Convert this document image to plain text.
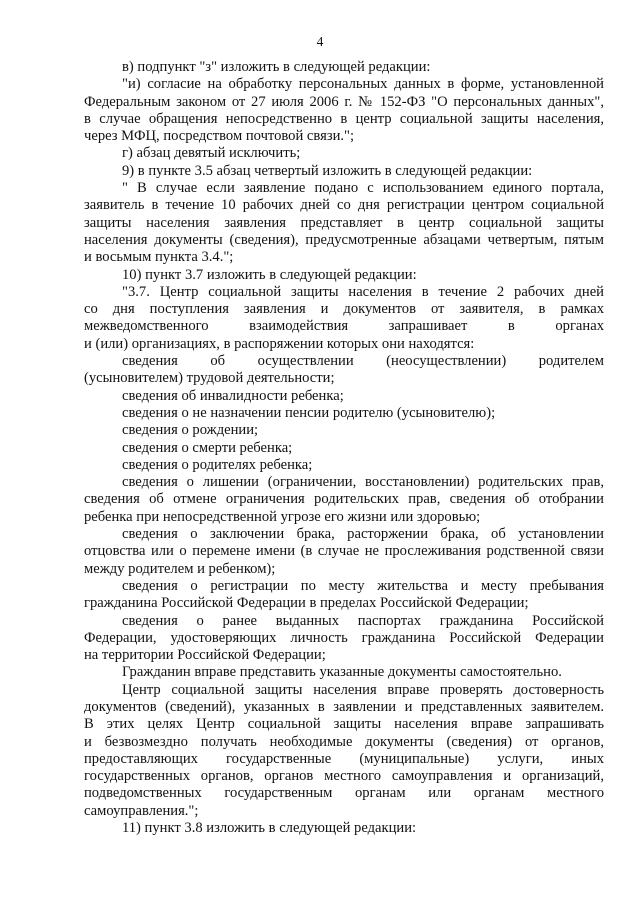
4
в) подпункт "з" изложить в следующей редакции:
"и) согласие на обработку персональных данных в форме, установленной
Федеральным законом от 27 июля 2006 г. № 152-ФЗ "О персональных данных",
в случае обращения непосредственно в центр социальной защиты населения,
через МФЦ, посредством почтовой связи.";
г) абзац девятый исключить;
9) в пункте 3.5 абзац четвертый изложить в следующей редакции:
" В случае если заявление подано с использованием единого портала,
заявитель в течение 10 рабочих дней со дня регистрации центром социальной
защиты населения заявления представляет в центр социальной защиты
населения документы (сведения), предусмотренные абзацами четвертым, пятым
и восьмым пункта 3.4.";
10) пункт 3.7 изложить в следующей редакции:
"3.7. Центр социальной защиты населения в течение 2 рабочих дней
со дня поступления заявления и документов от заявителя, в рамках
межведомственного взаимодействия запрашивает в органах
и (или) организациях, в распоряжении которых они находятся:
сведения об осуществлении (неосуществлении) родителем
(усыновителем) трудовой деятельности;
сведения об инвалидности ребенка;
сведения о не назначении пенсии родителю (усыновителю);
сведения о рождении;
сведения о смерти ребенка;
сведения о родителях ребенка;
сведения о лишении (ограничении, восстановлении) родительских прав,
сведения об отмене ограничения родительских прав, сведения об отобрании
ребенка при непосредственной угрозе его жизни или здоровью;
сведения о заключении брака, расторжении брака, об установлении
отцовства или о перемене имени (в случае не прослеживания родственной связи
между родителем и ребенком);
сведения о регистрации по месту жительства и месту пребывания
гражданина Российской Федерации в пределах Российской Федерации;
сведения о ранее выданных паспортах гражданина Российской
Федерации, удостоверяющих личность гражданина Российской Федерации
на территории Российской Федерации;
Гражданин вправе представить указанные документы самостоятельно.
Центр социальной защиты населения вправе проверять достоверность
документов (сведений), указанных в заявлении и представленных заявителем.
В этих целях Центр социальной защиты населения вправе запрашивать
и безвозмездно получать необходимые документы (сведения) от органов,
предоставляющих государственные (муниципальные) услуги, иных
государственных органов, органов местного самоуправления и организаций,
подведомственных государственным органам или органам местного
самоуправления.";
11) пункт 3.8 изложить в следующей редакции:
